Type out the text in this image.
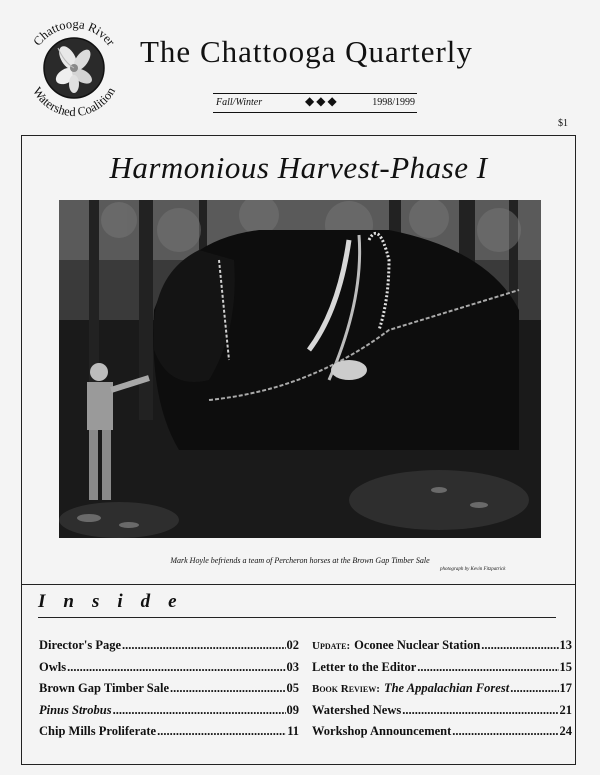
Chattooga River
Watershed Coalition
The Chattooga Quarterly
Fall/Winter	◆◆◆	1998/1999
$1
Harmonious Harvest-Phase I
Mark Hoyle befriends a team of Percheron horses at the Brown Gap Timber Sale
photograph by Kevin Fitzpatrick
Inside
Director's Page .....	02
Owls .....	03
Brown Gap Timber Sale .....	05
Pinus Strobus .....	09
Chip Mills Proliferate .....	11
Update: Oconee Nuclear Station .....	13
Letter to the Editor .....	15
Book Review: The Appalachian Forest .....	17
Watershed News .....	21
Workshop Announcement .....	24
